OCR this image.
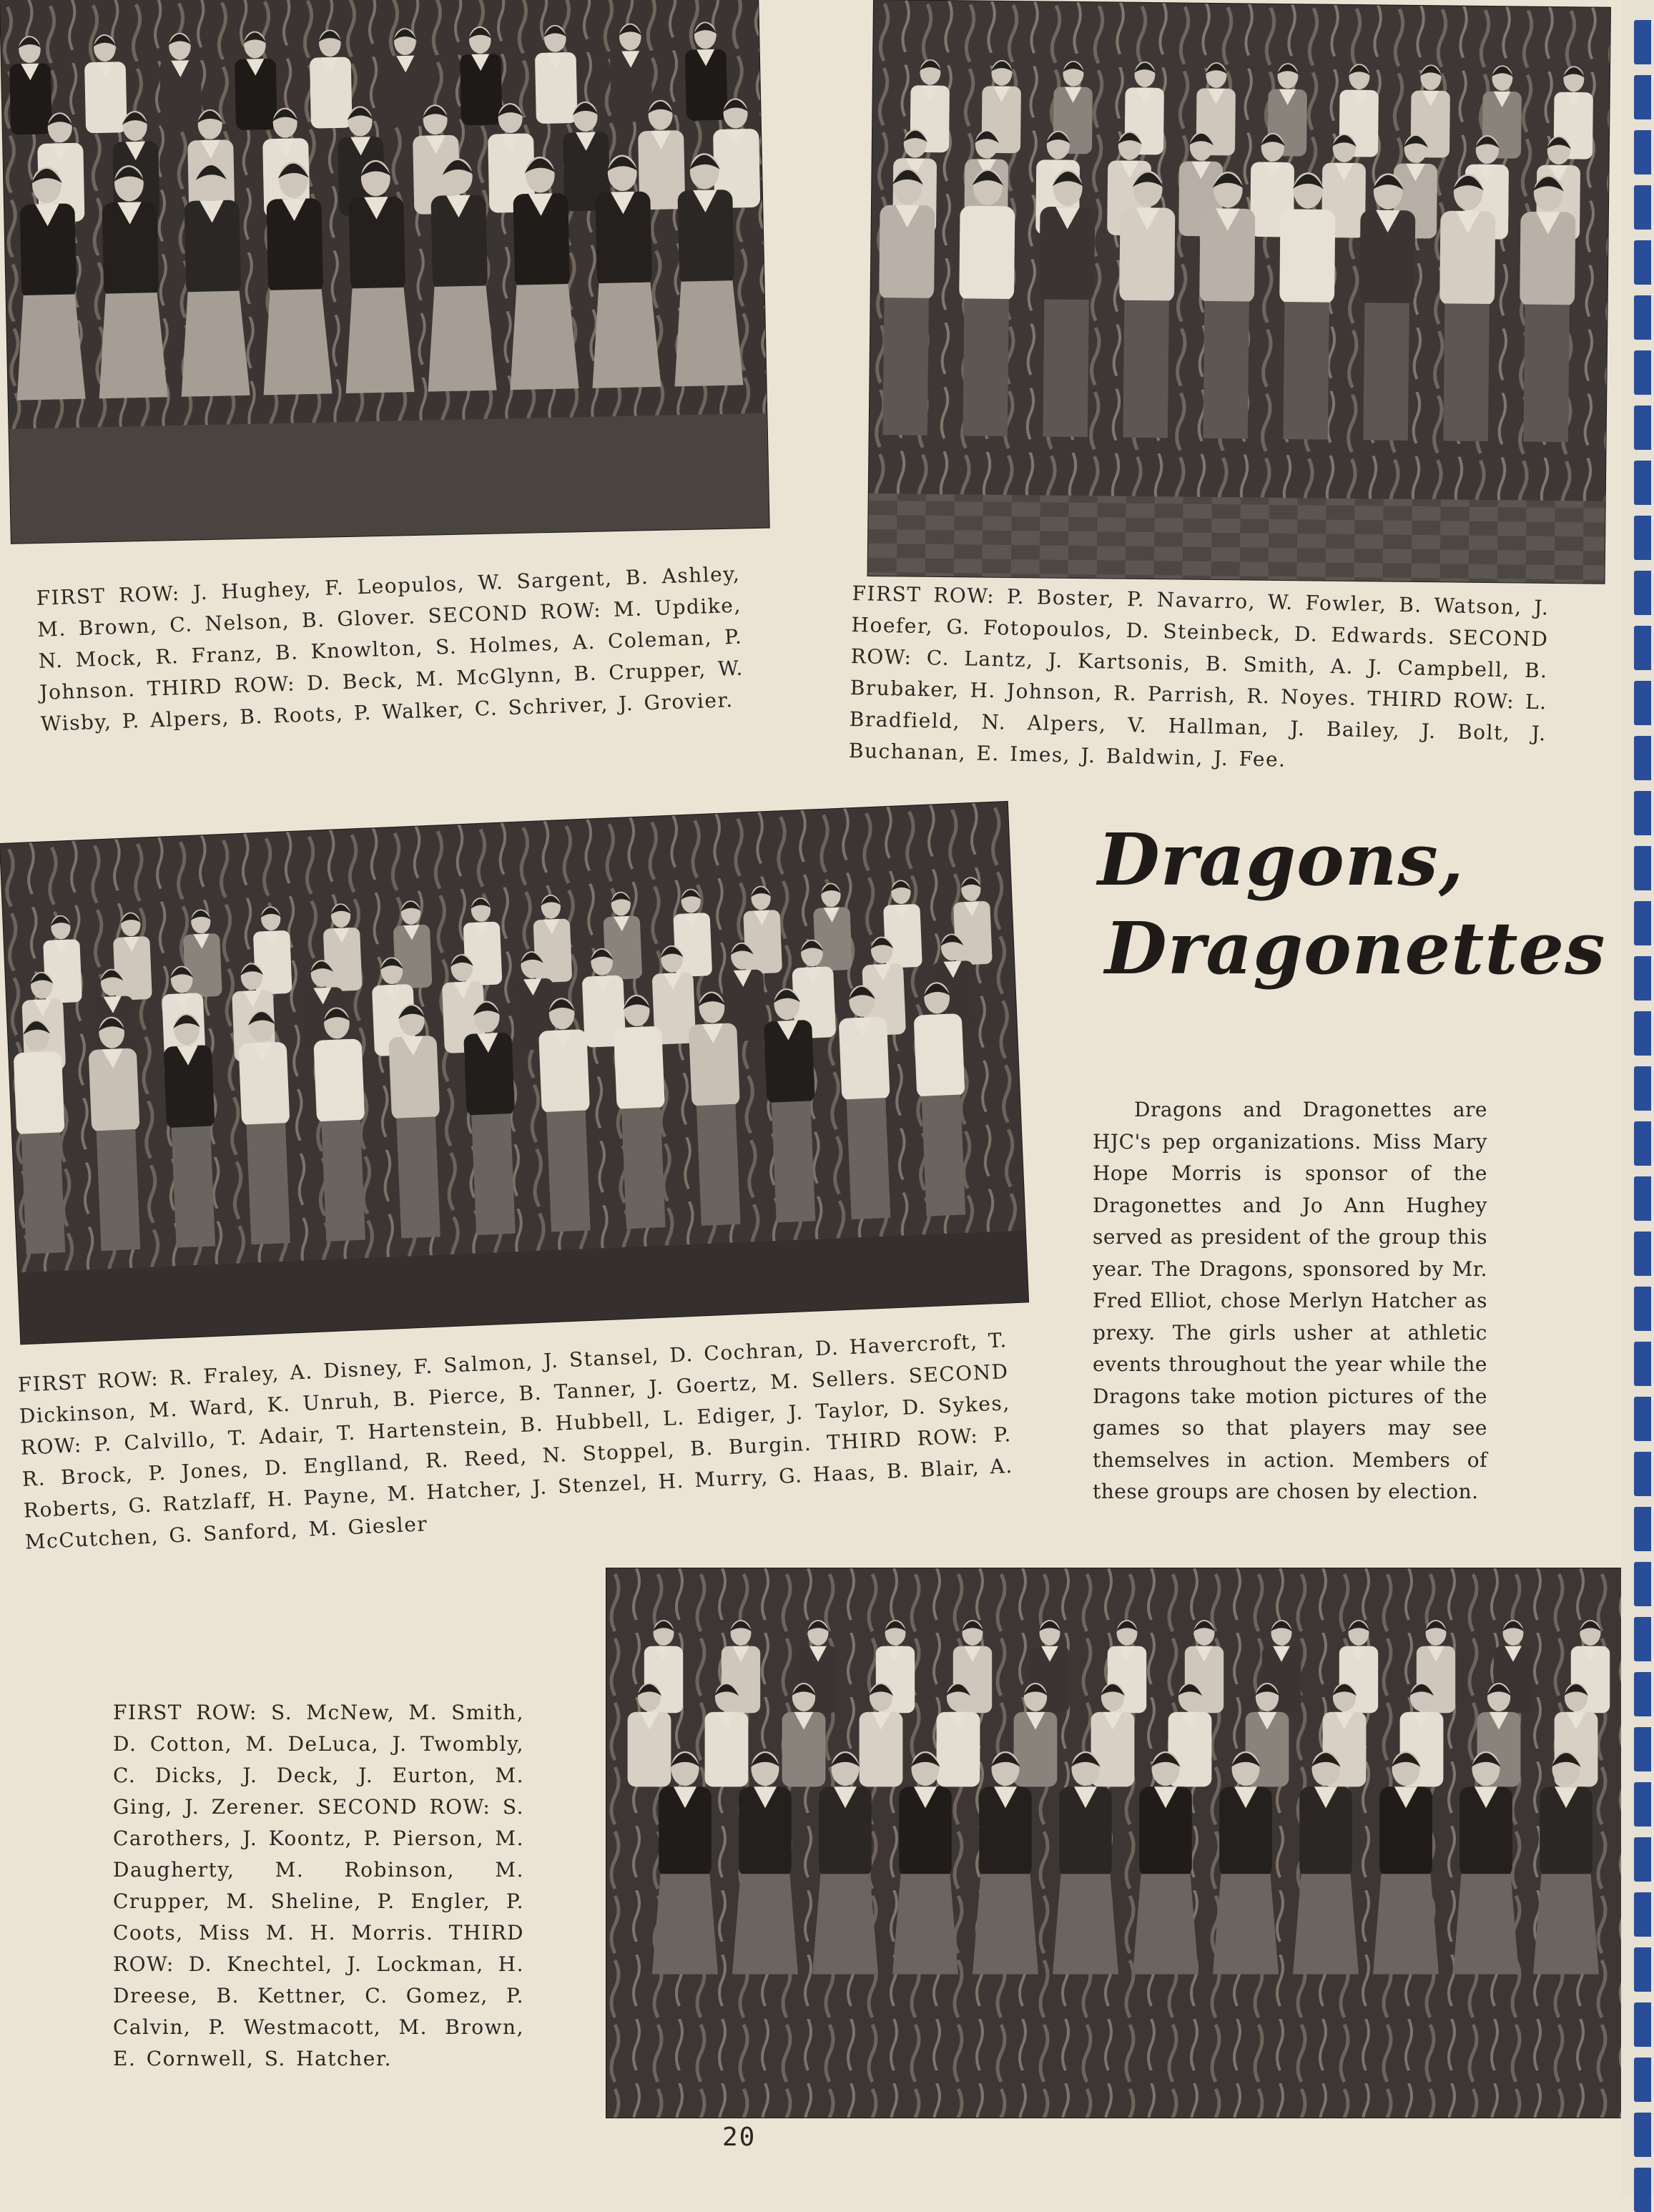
FIRST ROW: J. Hughey, F. Leopulos, W. Sargent, B. Ashley, M. Brown, C. Nelson, B. Glover. SECOND ROW: M. Updike, N. Mock, R. Franz, B. Knowlton, S. Holmes, A. Coleman, P. Johnson. THIRD ROW: D. Beck, M. McGlynn, B. Crupper, W. Wisby, P. Alpers, B. Roots, P. Walker, C. Schriver, J. Grovier.

FIRST ROW: P. Boster, P. Navarro, W. Fowler, B. Watson, J. Hoefer, G. Fotopoulos, D. Steinbeck, D. Edwards. SECOND ROW: C. Lantz, J. Kartsonis, B. Smith, A. J. Campbell, B. Brubaker, H. Johnson, R. Parrish, R. Noyes. THIRD ROW: L. Bradfield, N. Alpers, V. Hallman, J. Bailey, J. Bolt, J. Buchanan, E. Imes, J. Baldwin, J. Fee.

FIRST ROW: R. Fraley, A. Disney, F. Salmon, J. Stansel, D. Cochran, D. Havercroft, T. Dickinson, M. Ward, K. Unruh, B. Pierce, B. Tanner, J. Goertz, M. Sellers. SECOND ROW: P. Calvillo, T. Adair, T. Hartenstein, B. Hubbell, L. Ediger, J. Taylor, D. Sykes, R. Brock, P. Jones, D. Englland, R. Reed, N. Stoppel, B. Burgin. THIRD ROW: P. Roberts, G. Ratzlaff, H. Payne, M. Hatcher, J. Stenzel, H. Murry, G. Haas, B. Blair, A. McCutchen, G. Sanford, M. Giesler

Dragons,
Dragonettes
Dragons and Dragonettes are HJC's pep organizations. Miss Mary Hope Morris is sponsor of the Dragonettes and Jo Ann Hughey served as president of the group this year. The Dragons, sponsored by Mr. Fred Elliot, chose Merlyn Hatcher as prexy. The girls usher at athletic events throughout the year while the Dragons take motion pictures of the games so that players may see themselves in action. Members of these groups are chosen by election.

FIRST ROW: S. McNew, M. Smith, D. Cotton, M. DeLuca, J. Twombly, C. Dicks, J. Deck, J. Eurton, M. Ging, J. Zerener. SECOND ROW: S. Carothers, J. Koontz, P. Pierson, M. Daugherty, M. Robinson, M. Crupper, M. Sheline, P. Engler, P. Coots, Miss M. H. Morris. THIRD ROW: D. Knechtel, J. Lockman, H. Dreese, B. Kettner, C. Gomez, P. Calvin, P. Westmacott, M. Brown, E. Cornwell, S. Hatcher.

20
